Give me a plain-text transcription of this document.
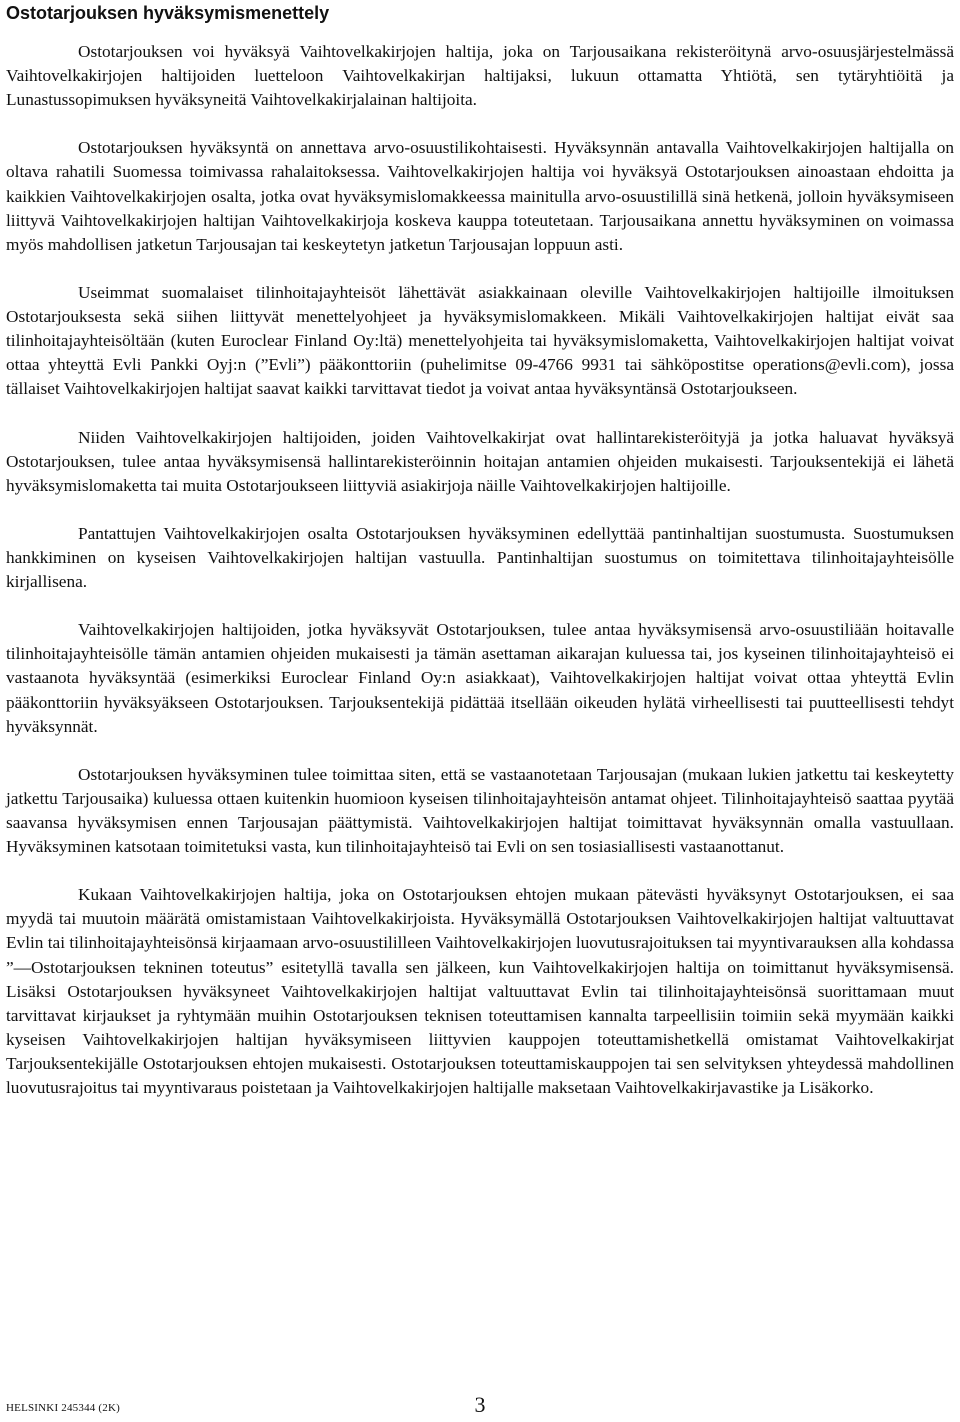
Ostotarjouksen hyväksymismenettely

Ostotarjouksen voi hyväksyä Vaihtovelkakirjojen haltija, joka on Tarjousaikana rekisteröitynä arvo-osuusjärjestelmässä Vaihtovelkakirjojen haltijoiden luetteloon Vaihtovelkakirjan haltijaksi, lukuun ottamatta Yhtiötä, sen tytäryhtiöitä ja Lunastussopimuksen hyväksyneitä Vaihtovelkakirjalainan haltijoita.

Ostotarjouksen hyväksyntä on annettava arvo-osuustilikohtaisesti. Hyväksynnän antavalla Vaihtovelkakirjojen haltijalla on oltava rahatili Suomessa toimivassa rahalaitoksessa. Vaihtovelkakirjojen haltija voi hyväksyä Ostotarjouksen ainoastaan ehdoitta ja kaikkien Vaihtovelkakirjojen osalta, jotka ovat hyväksymislomakkeessa mainitulla arvo-osuustilillä sinä hetkenä, jolloin hyväksymiseen liittyvä Vaihtovelkakirjojen haltijan Vaihtovelkakirjoja koskeva kauppa toteutetaan. Tarjousaikana annettu hyväksyminen on voimassa myös mahdollisen jatketun Tarjousajan tai keskeytetyn jatketun Tarjousajan loppuun asti.

Useimmat suomalaiset tilinhoitajayhteisöt lähettävät asiakkainaan oleville Vaihtovelkakirjojen haltijoille ilmoituksen Ostotarjouksesta sekä siihen liittyvät menettelyohjeet ja hyväksymislomakkeen. Mikäli Vaihtovelkakirjojen haltijat eivät saa tilinhoitajayhteisöltään (kuten Euroclear Finland Oy:ltä) menettelyohjeita tai hyväksymislomaketta, Vaihtovelkakirjojen haltijat voivat ottaa yhteyttä Evli Pankki Oyj:n (”Evli”) pääkonttoriin (puhelimitse 09-4766 9931 tai sähköpostitse operations@evli.com), jossa tällaiset Vaihtovelkakirjojen haltijat saavat kaikki tarvittavat tiedot ja voivat antaa hyväksyntänsä Ostotarjoukseen.

Niiden Vaihtovelkakirjojen haltijoiden, joiden Vaihtovelkakirjat ovat hallintarekisteröityjä ja jotka haluavat hyväksyä Ostotarjouksen, tulee antaa hyväksymisensä hallintarekisteröinnin hoitajan antamien ohjeiden mukaisesti. Tarjouksentekijä ei lähetä hyväksymislomaketta tai muita Ostotarjoukseen liittyviä asiakirjoja näille Vaihtovelkakirjojen haltijoille.

Pantattujen Vaihtovelkakirjojen osalta Ostotarjouksen hyväksyminen edellyttää pantinhaltijan suostumusta. Suostumuksen hankkiminen on kyseisen Vaihtovelkakirjojen haltijan vastuulla. Pantinhaltijan suostumus on toimitettava tilinhoitajayhteisölle kirjallisena.

Vaihtovelkakirjojen haltijoiden, jotka hyväksyvät Ostotarjouksen, tulee antaa hyväksymisensä arvo-osuustiliään hoitavalle tilinhoitajayhteisölle tämän antamien ohjeiden mukaisesti ja tämän asettaman aikarajan kuluessa tai, jos kyseinen tilinhoitajayhteisö ei vastaanota hyväksyntää (esimerkiksi Euroclear Finland Oy:n asiakkaat), Vaihtovelkakirjojen haltijat voivat ottaa yhteyttä Evlin pääkonttoriin hyväksyäkseen Ostotarjouksen. Tarjouksentekijä pidättää itsellään oikeuden hylätä virheellisesti tai puutteellisesti tehdyt hyväksynnät.

Ostotarjouksen hyväksyminen tulee toimittaa siten, että se vastaanotetaan Tarjousajan (mukaan lukien jatkettu tai keskeytetty jatkettu Tarjousaika) kuluessa ottaen kuitenkin huomioon kyseisen tilinhoitajayhteisön antamat ohjeet. Tilinhoitajayhteisö saattaa pyytää saavansa hyväksymisen ennen Tarjousajan päättymistä. Vaihtovelkakirjojen haltijat toimittavat hyväksynnän omalla vastuullaan. Hyväksyminen katsotaan toimitetuksi vasta, kun tilinhoitajayhteisö tai Evli on sen tosiasiallisesti vastaanottanut.

Kukaan Vaihtovelkakirjojen haltija, joka on Ostotarjouksen ehtojen mukaan pätevästi hyväksynyt Ostotarjouksen, ei saa myydä tai muutoin määrätä omistamistaan Vaihtovelkakirjoista. Hyväksymällä Ostotarjouksen Vaihtovelkakirjojen haltijat valtuuttavat Evlin tai tilinhoitajayhteisönsä kirjaamaan arvo-osuustililleen Vaihtovelkakirjojen luovutusrajoituksen tai myyntivarauksen alla kohdassa ”—Ostotarjouksen tekninen toteutus” esitetyllä tavalla sen jälkeen, kun Vaihtovelkakirjojen haltija on toimittanut hyväksymisensä. Lisäksi Ostotarjouksen hyväksyneet Vaihtovelkakirjojen haltijat valtuuttavat Evlin tai tilinhoitajayhteisönsä suorittamaan muut tarvittavat kirjaukset ja ryhtymään muihin Ostotarjouksen teknisen toteuttamisen kannalta tarpeellisiin toimiin sekä myymään kaikki kyseisen Vaihtovelkakirjojen haltijan hyväksymiseen liittyvien kauppojen toteuttamishetkellä omistamat Vaihtovelkakirjat Tarjouksentekijälle Ostotarjouksen ehtojen mukaisesti. Ostotarjouksen toteuttamiskauppojen tai sen selvityksen yhteydessä mahdollinen luovutusrajoitus tai myyntivaraus poistetaan ja Vaihtovelkakirjojen haltijalle maksetaan Vaihtovelkakirjavastike ja Lisäkorko.

HELSINKI 245344 (2K)	3
